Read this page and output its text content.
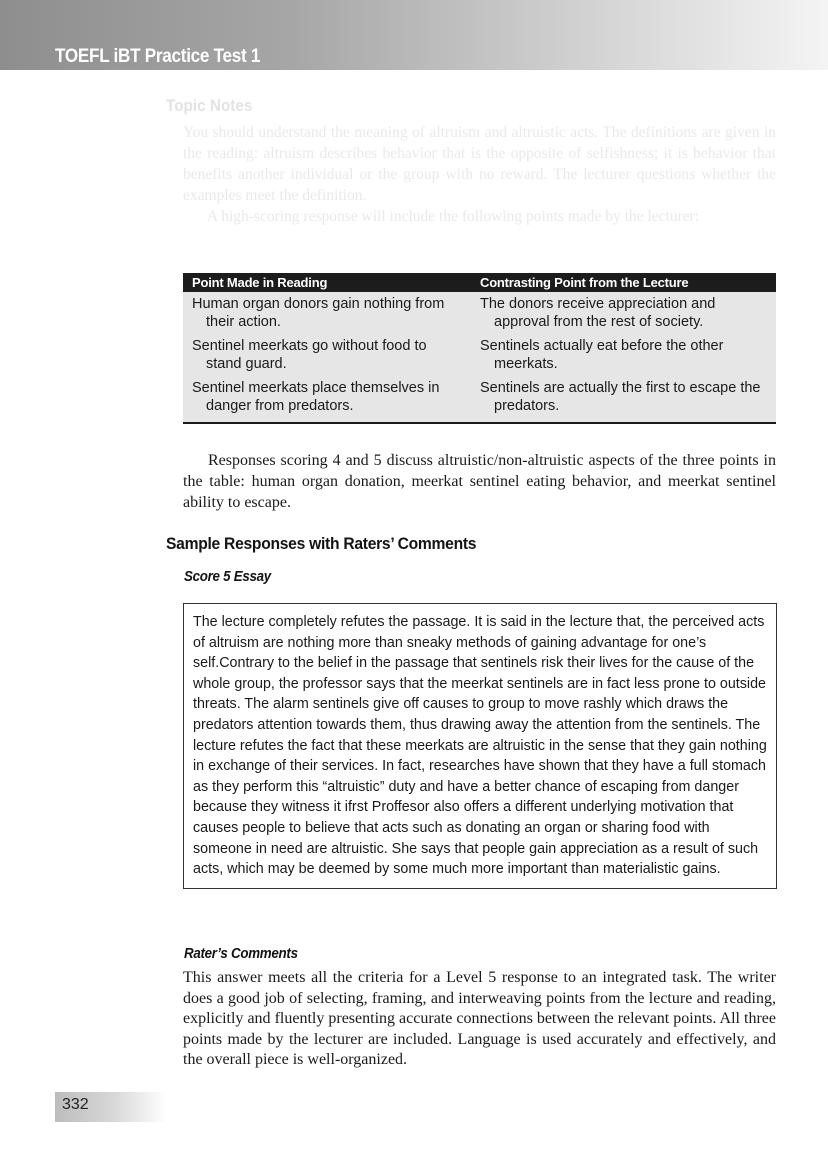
TOEFL iBT Practice Test 1
Topic Notes

You should understand the meaning of altruism and altruistic acts. The definitions are given in the reading: altruism describes behavior that is the opposite of selfishness; it is behavior that benefits another individual or the group with no reward. The lecturer questions whether the examples meet the definition.

A high-scoring response will include the following points made by the lecturer:

Point Made in Reading	Contrasting Point from the Lecture

Human organ donors gain nothing from their action.	The donors receive appreciation and approval from the rest of society.

Sentinel meerkats go without food to stand guard.	Sentinels actually eat before the other meerkats.

Sentinel meerkats place themselves in danger from predators.	Sentinels are actually the first to escape the predators.

Responses scoring 4 and 5 discuss altruistic/non-altruistic aspects of the three points in the table: human organ donation, meerkat sentinel eating behavior, and meerkat sentinel ability to escape.

Sample Responses with Raters’ Comments
Score 5 Essay

The lecture completely refutes the passage. It is said in the lecture that, the perceived acts of altruism are nothing more than sneaky methods of gaining advantage for one’s self.Contrary to the belief in the passage that sentinels risk their lives for the cause of the whole group, the professor says that the meerkat sentinels are in fact less prone to outside threats. The alarm sentinels give off causes to group to move rashly which draws the predators attention towards them, thus drawing away the attention from the sentinels. The lecture refutes the fact that these meerkats are altruistic in the sense that they gain nothing in exchange of their services. In fact, researches have shown that they have a full stomach as they perform this “altruistic” duty and have a better chance of escaping from danger because they witness it ifrst Proffesor also offers a different underlying motivation that causes people to believe that acts such as donating an organ or sharing food with someone in need are altruistic. She says that people gain appreciation as a result of such acts, which may be deemed by some much more important than materialistic gains.

Rater’s Comments

This answer meets all the criteria for a Level 5 response to an integrated task. The writer does a good job of selecting, framing, and interweaving points from the lecture and reading, explicitly and fluently presenting accurate connections between the relevant points. All three points made by the lecturer are included. Language is used accurately and effectively, and the overall piece is well-organized.

332
